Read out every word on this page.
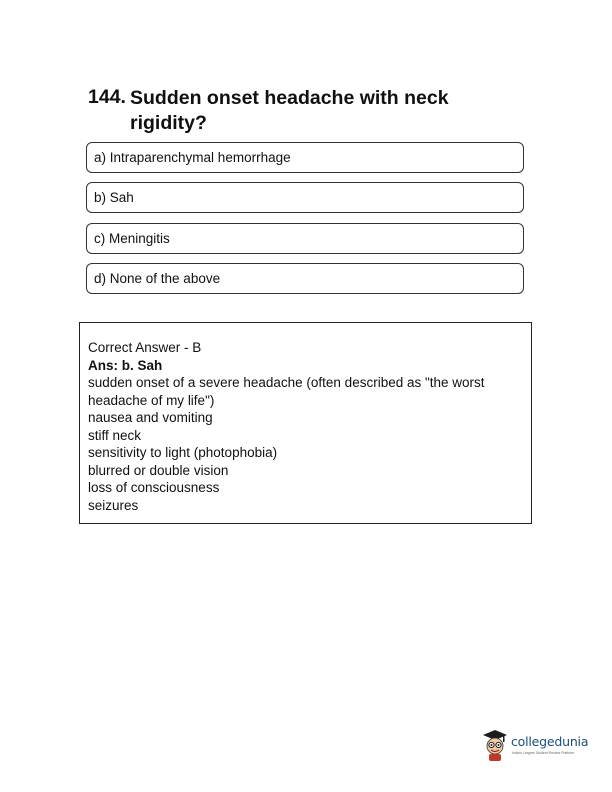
144. Sudden onset headache with neck rigidity?
a) Intraparenchymal hemorrhage
b) Sah
c) Meningitis
d) None of the above
Correct Answer - B
Ans: b. Sah
sudden onset of a severe headache (often described as "the worst headache of my life")
nausea and vomiting
stiff neck
sensitivity to light (photophobia)
blurred or double vision
loss of consciousness
seizures
collegedunia
India's Largest Student Review Platform
